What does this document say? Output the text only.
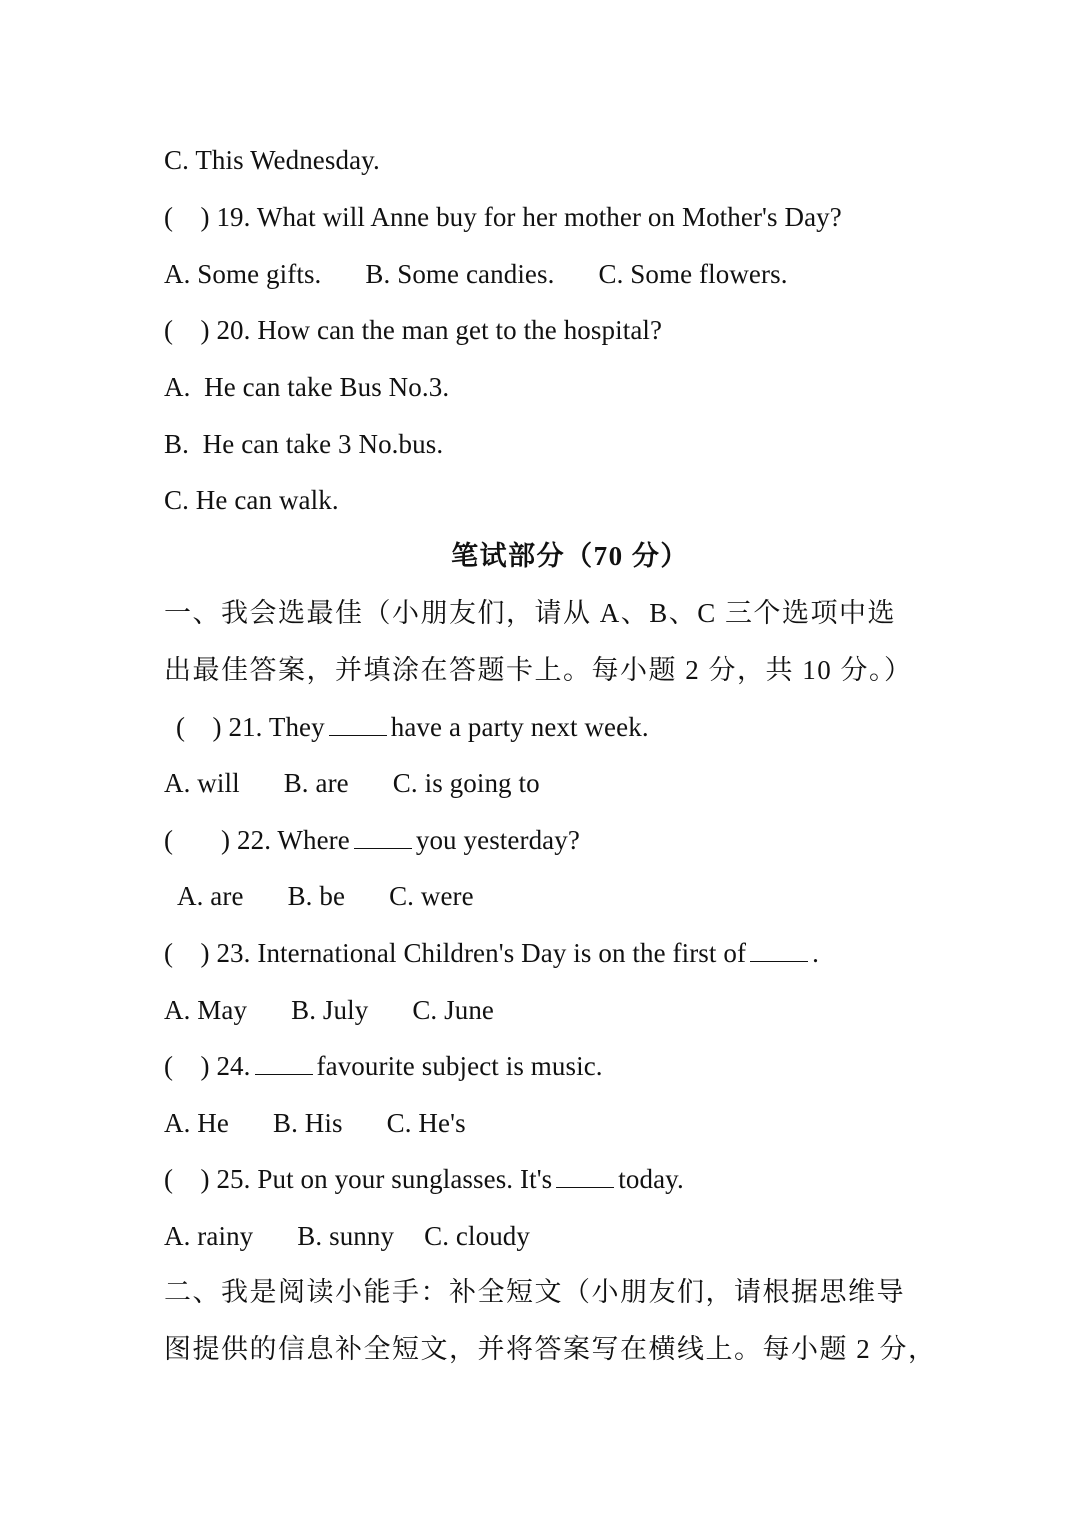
C. This Wednesday.
(    ) 19. What will Anne buy for her mother on Mother's Day?
A. Some gifts. B. Some candies. C. Some flowers.
(    ) 20. How can the man get to the hospital?
A.  He can take Bus No.3.
B.  He can take 3 No.bus.
C. He can walk.
笔试部分（70 分）
一、我会选最佳（小朋友们，请从 A、B、C 三个选项中选
出最佳答案，并填涂在答题卡上。每小题 2 分，共 10 分。）
(    ) 21. They have a party next week.
A. will B. are C. is going to
(       ) 22. Where you yesterday?
A. are B. be C. were
(    ) 23. International Children's Day is on the first of .
A. May B. July C. June
(    ) 24. favourite subject is music.
A. He B. His C. He's
(    ) 25. Put on your sunglasses. It's today.
A. rainy B. sunny C. cloudy
二、我是阅读小能手：补全短文（小朋友们，请根据思维导
图提供的信息补全短文，并将答案写在横线上。每小题 2 分，
